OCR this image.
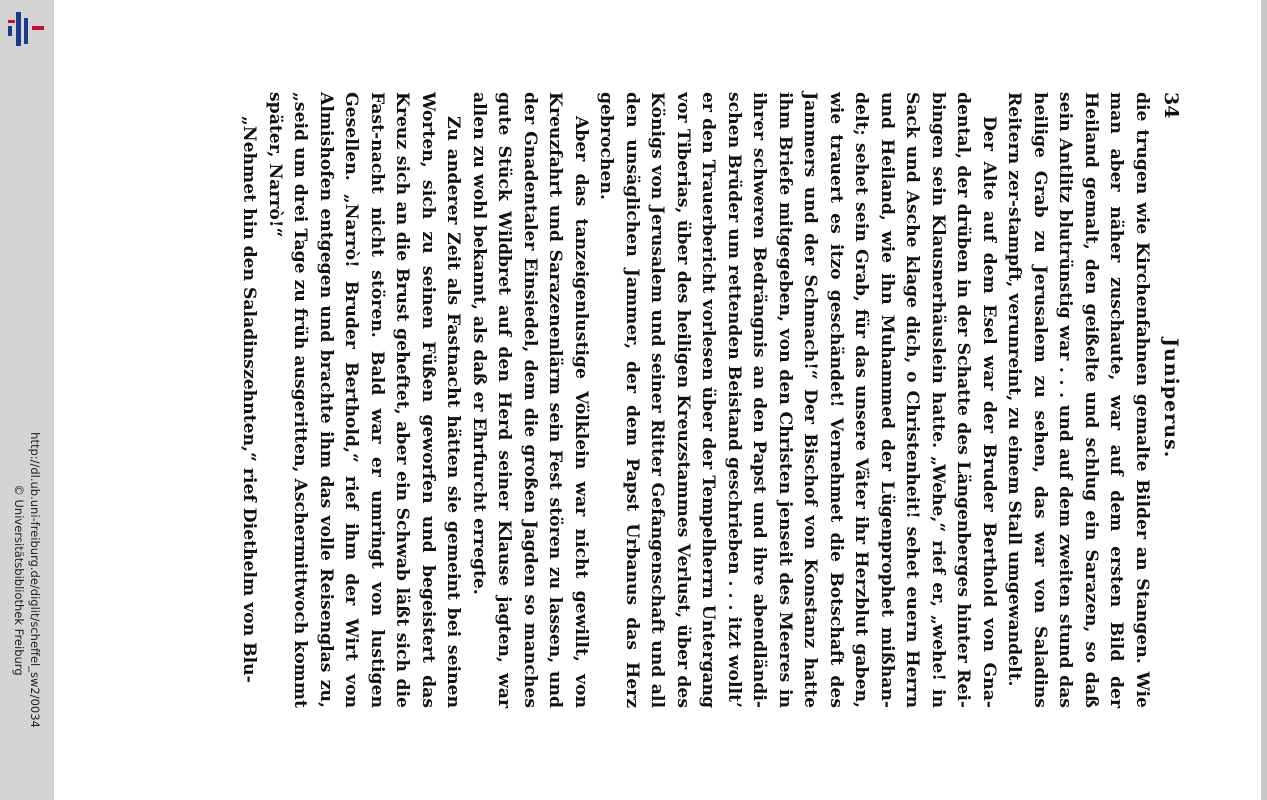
http://dl.ub.uni-freiburg.de/diglit/scheffel_sw2/0034
© Universitätsbibliothek Freiburg
34
Juniperus.

die trugen wie Kirchenfahnen gemalte Bilder an Stangen. Wie man aber näher zuschaute, war auf dem ersten Bild der Heiland gemalt, den geißelte und schlug ein Sarazen, so daß sein Antlitz blutrünstig war . . . und auf dem zweiten stund das heilige Grab zu Jerusalem zu sehen, das war von Saladins Reitern zer-stampft, verunreint, zu einem Stall umgewandelt.

Der Alte auf dem Esel war der Bruder Berthold von Gna-dental, der drüben in der Schatte des Längenberges hinter Rei-bingen sein Klausnerhäuslein hatte. „Wehe,“ rief er, „wehe! in Sack und Asche klage dich, o Christenheit! sehet euern Herrn und Heiland, wie ihn Muhammed der Lügenprophet mißhan-delt; sehet sein Grab, für das unsere Väter ihr Herzblut gaben, wie trauert es itzo geschändet! Vernehmet die Botschaft des Jammers und der Schmach!“ Der Bischof von Konstanz hatte ihm Briefe mitgegeben, von den Christen jenseit des Meeres in ihrer schweren Bedrängnis an den Papst und ihre abendländi-schen Brüder um rettenden Beistand geschrieben . . . itzt wollt’ er den Trauerbericht vorlesen über der Tempelherrn Untergang vor Tiberias, über des heiligen Kreuzstammes Verlust, über des Königs von Jerusalem und seiner Ritter Gefangenschaft und all den unsäglichen Jammer, der dem Papst Urbanus das Herz gebrochen.

Aber das tanzeigenlustige Völklein war nicht gewillt, von Kreuzfahrt und Sarazenenlärm sein Fest stören zu lassen, und der Gnadentaler Einsiedel, dem die großen Jagden so manches gute Stück Wildbret auf den Herd seiner Klause jagten, war allen zu wohl bekannt, als daß er Ehrfurcht erregte.

Zu anderer Zeit als Fastnacht hätten sie gemeint bei seinen Worten, sich zu seinen Füßen geworfen und begeistert das Kreuz sich an die Brust geheftet, aber ein Schwab läßt sich die Fast-nacht nicht stören. Bald war er umringt von lustigen Gesellen. „Narrò! Bruder Berthold,“ rief ihm der Wirt von Almishofen entgegen und brachte ihm das volle Reisenglas zu, „seid um drei Tage zu früh ausgeritten, Aschermittwoch kommt später, Narrò!“

„Nehmet hin den Saladinszehnten,“ rief Diethelm von Blu-
